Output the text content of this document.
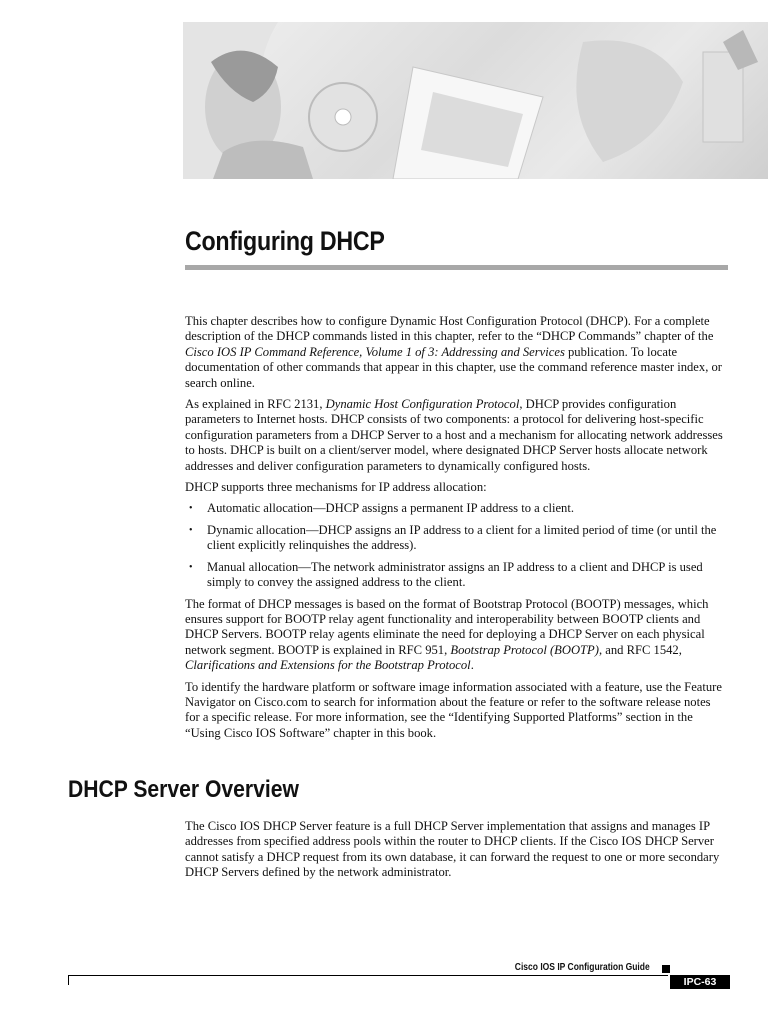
Configuring DHCP

This chapter describes how to configure Dynamic Host Configuration Protocol (DHCP). For a complete description of the DHCP commands listed in this chapter, refer to the “DHCP Commands” chapter of the Cisco IOS IP Command Reference, Volume 1 of 3: Addressing and Services publication. To locate documentation of other commands that appear in this chapter, use the command reference master index, or search online.

As explained in RFC 2131, Dynamic Host Configuration Protocol, DHCP provides configuration parameters to Internet hosts. DHCP consists of two components: a protocol for delivering host-specific configuration parameters from a DHCP Server to a host and a mechanism for allocating network addresses to hosts. DHCP is built on a client/server model, where designated DHCP Server hosts allocate network addresses and deliver configuration parameters to dynamically configured hosts.

DHCP supports three mechanisms for IP address allocation:

• Automatic allocation—DHCP assigns a permanent IP address to a client.
• Dynamic allocation—DHCP assigns an IP address to a client for a limited period of time (or until the client explicitly relinquishes the address).
• Manual allocation—The network administrator assigns an IP address to a client and DHCP is used simply to convey the assigned address to the client.

The format of DHCP messages is based on the format of Bootstrap Protocol (BOOTP) messages, which ensures support for BOOTP relay agent functionality and interoperability between BOOTP clients and DHCP Servers. BOOTP relay agents eliminate the need for deploying a DHCP Server on each physical network segment. BOOTP is explained in RFC 951, Bootstrap Protocol (BOOTP), and RFC 1542, Clarifications and Extensions for the Bootstrap Protocol.

To identify the hardware platform or software image information associated with a feature, use the Feature Navigator on Cisco.com to search for information about the feature or refer to the software release notes for a specific release. For more information, see the “Identifying Supported Platforms” section in the “Using Cisco IOS Software” chapter in this book.

DHCP Server Overview

The Cisco IOS DHCP Server feature is a full DHCP Server implementation that assigns and manages IP addresses from specified address pools within the router to DHCP clients. If the Cisco IOS DHCP Server cannot satisfy a DHCP request from its own database, it can forward the request to one or more secondary DHCP Servers defined by the network administrator.

Cisco IOS IP Configuration Guide
IPC-63
